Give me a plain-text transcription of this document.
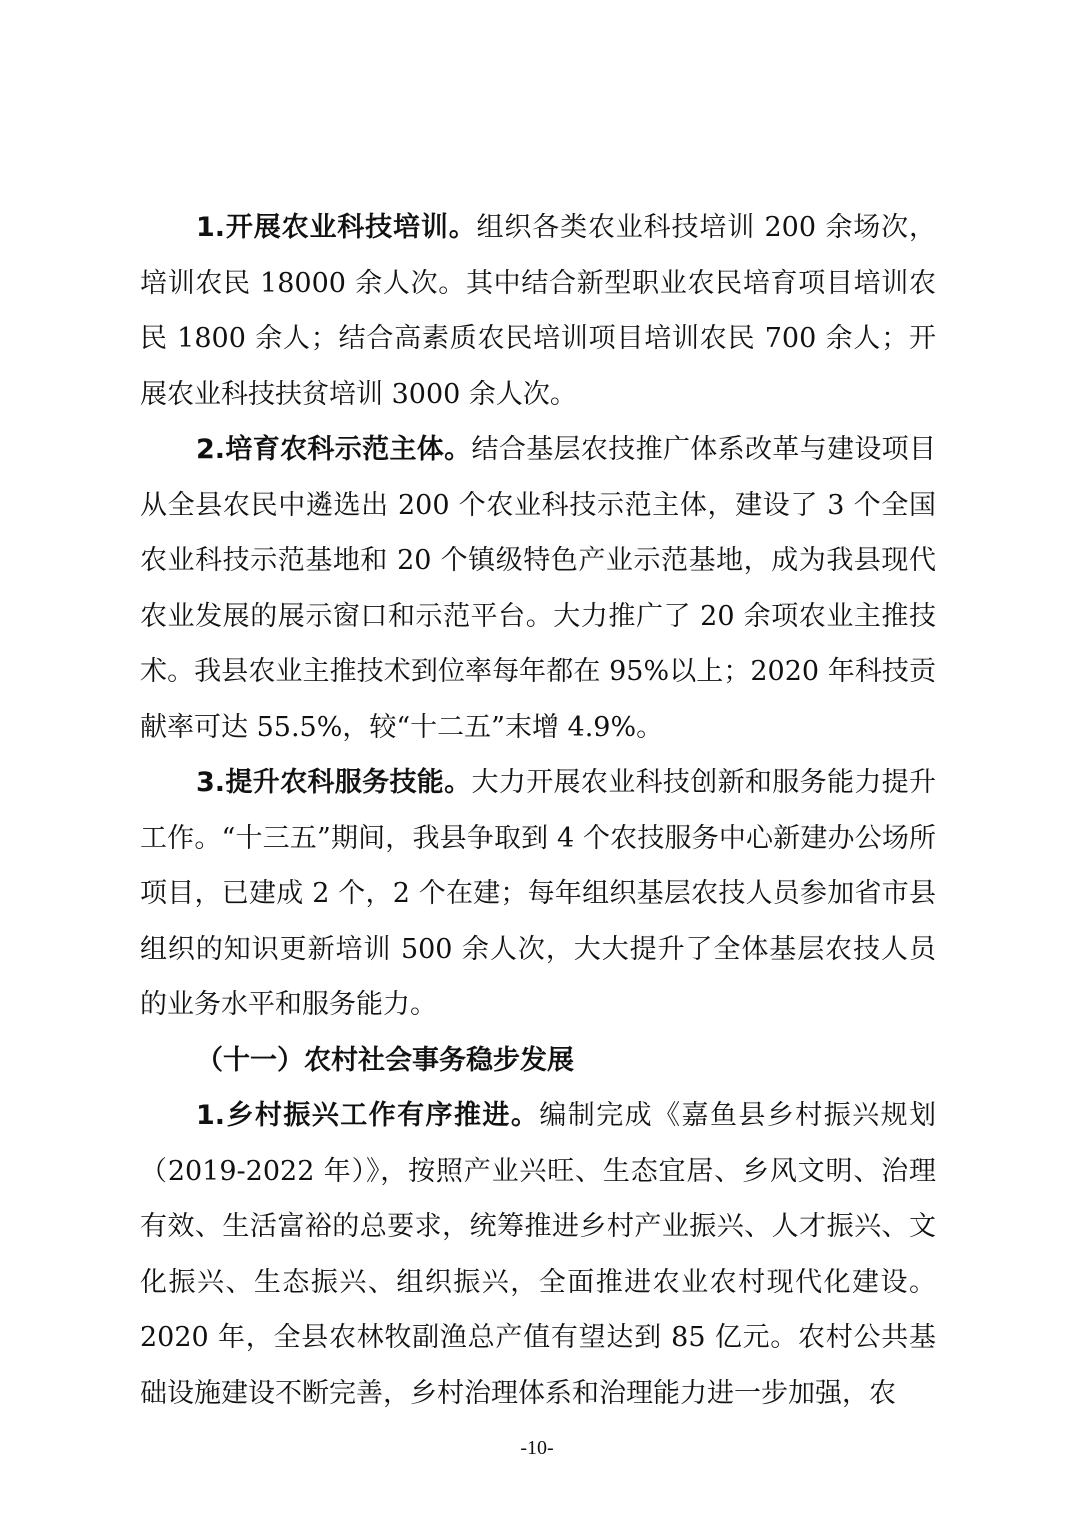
1.开展农业科技培训。组织各类农业科技培训 200 余场次，培训农民 18000 余人次。其中结合新型职业农民培育项目培训农民 1800 余人；结合高素质农民培训项目培训农民 700 余人；开展农业科技扶贫培训 3000 余人次。

2.培育农科示范主体。结合基层农技推广体系改革与建设项目从全县农民中遴选出 200 个农业科技示范主体，建设了 3 个全国农业科技示范基地和 20 个镇级特色产业示范基地，成为我县现代农业发展的展示窗口和示范平台。大力推广了 20 余项农业主推技术。我县农业主推技术到位率每年都在 95%以上；2020 年科技贡献率可达 55.5%，较“十二五”末增 4.9%。

3.提升农科服务技能。大力开展农业科技创新和服务能力提升工作。“十三五”期间，我县争取到 4 个农技服务中心新建办公场所项目，已建成 2 个，2 个在建；每年组织基层农技人员参加省市县组织的知识更新培训 500 余人次，大大提升了全体基层农技人员的业务水平和服务能力。

（十一）农村社会事务稳步发展

1.乡村振兴工作有序推进。编制完成《嘉鱼县乡村振兴规划（2019-2022 年）》，按照产业兴旺、生态宜居、乡风文明、治理有效、生活富裕的总要求，统筹推进乡村产业振兴、人才振兴、文化振兴、生态振兴、组织振兴，全面推进农业农村现代化建设。2020 年，全县农林牧副渔总产值有望达到 85 亿元。农村公共基础设施建设不断完善，乡村治理体系和治理能力进一步加强，农

-10-
